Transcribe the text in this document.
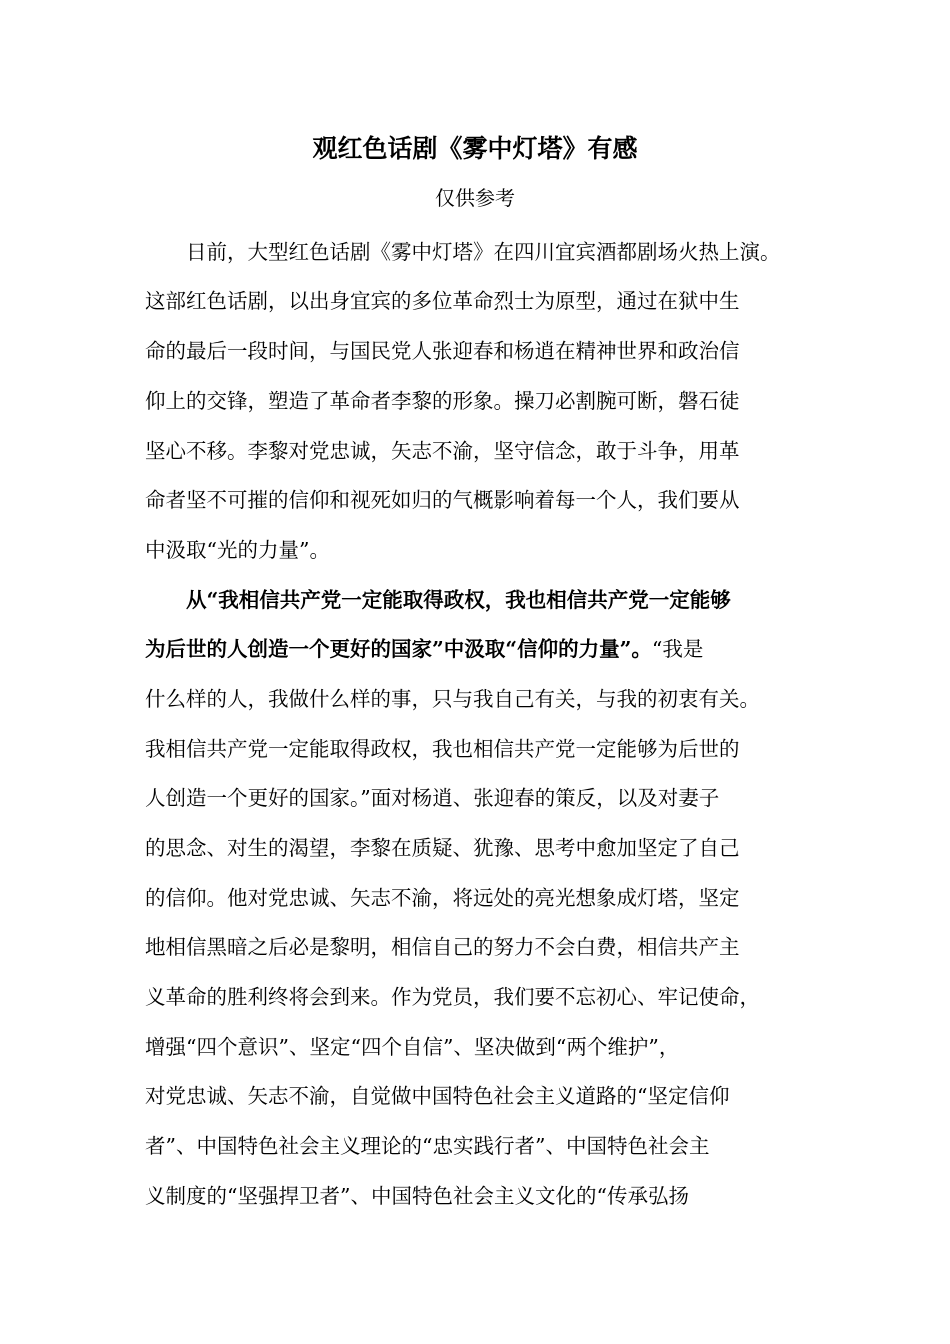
观红色话剧《雾中灯塔》有感
仅供参考
日前，大型红色话剧《雾中灯塔》在四川宜宾酒都剧场火热上演。
这部红色话剧，以出身宜宾的多位革命烈士为原型，通过在狱中生
命的最后一段时间，与国民党人张迎春和杨逍在精神世界和政治信
仰上的交锋，塑造了革命者李黎的形象。操刀必割腕可断，磐石徒
坚心不移。李黎对党忠诚，矢志不渝，坚守信念，敢于斗争，用革
命者坚不可摧的信仰和视死如归的气概影响着每一个人，我们要从
中汲取“光的力量”。
从“我相信共产党一定能取得政权，我也相信共产党一定能够
为后世的人创造一个更好的国家”中汲取“信仰的力量”。“我是
什么样的人，我做什么样的事，只与我自己有关，与我的初衷有关。
我相信共产党一定能取得政权，我也相信共产党一定能够为后世的
人创造一个更好的国家。”面对杨逍、张迎春的策反，以及对妻子
的思念、对生的渴望，李黎在质疑、犹豫、思考中愈加坚定了自己
的信仰。他对党忠诚、矢志不渝，将远处的亮光想象成灯塔，坚定
地相信黑暗之后必是黎明，相信自己的努力不会白费，相信共产主
义革命的胜利终将会到来。作为党员，我们要不忘初心、牢记使命，
增强“四个意识”、坚定“四个自信”、坚决做到“两个维护”，
对党忠诚、矢志不渝，自觉做中国特色社会主义道路的“坚定信仰
者”、中国特色社会主义理论的“忠实践行者”、中国特色社会主
义制度的“坚强捍卫者”、中国特色社会主义文化的“传承弘扬
